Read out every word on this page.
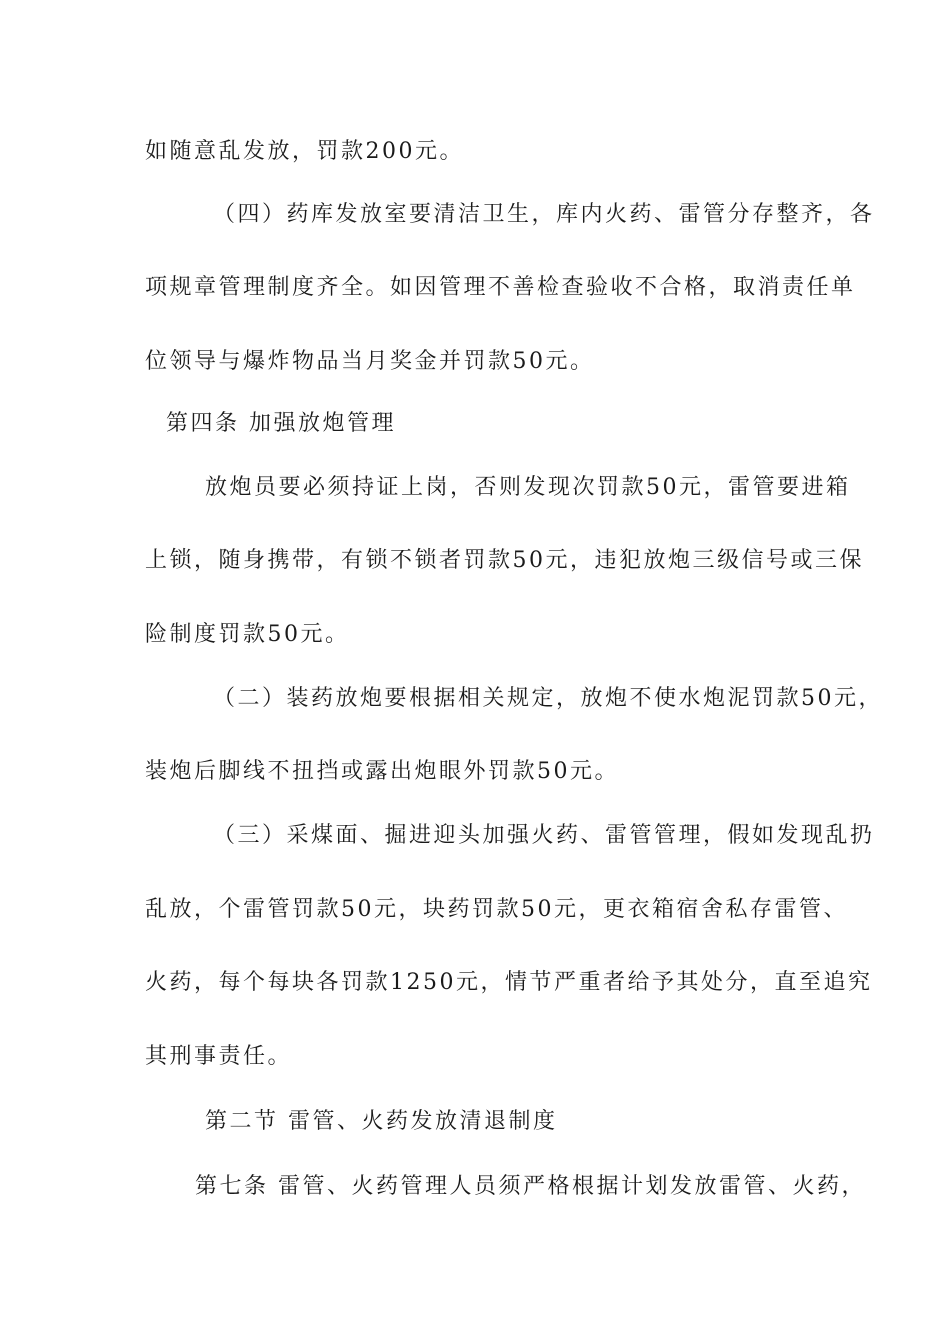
如随意乱发放，罚款200元。
（四）药库发放室要清洁卫生，库内火药、雷管分存整齐，各
项规章管理制度齐全。如因管理不善检查验收不合格，取消责任单
位领导与爆炸物品当月奖金并罚款50元。
第四条 加强放炮管理
放炮员要必须持证上岗，否则发现次罚款50元，雷管要进箱
上锁，随身携带，有锁不锁者罚款50元，违犯放炮三级信号或三保
险制度罚款50元。
（二）装药放炮要根据相关规定，放炮不使水炮泥罚款50元，
装炮后脚线不扭挡或露出炮眼外罚款50元。
（三）采煤面、掘进迎头加强火药、雷管管理，假如发现乱扔
乱放，个雷管罚款50元，块药罚款50元，更衣箱宿舍私存雷管、
火药，每个每块各罚款1250元，情节严重者给予其处分，直至追究
其刑事责任。
第二节 雷管、火药发放清退制度
第七条 雷管、火药管理人员须严格根据计划发放雷管、火药，
